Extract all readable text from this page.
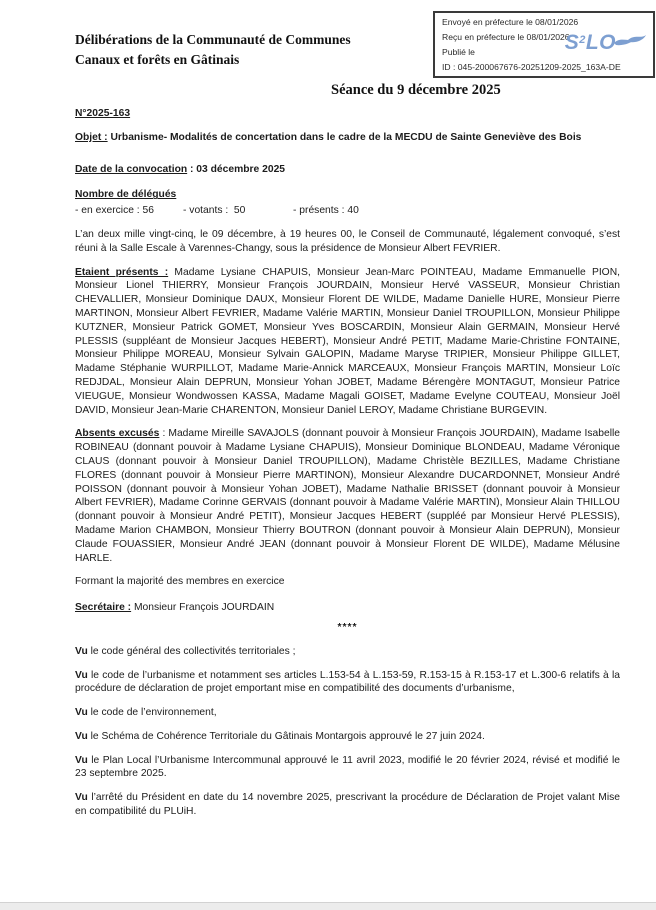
Envoyé en préfecture le 08/01/2026
Reçu en préfecture le 08/01/2026
Publié le
ID : 045-200067676-20251209-2025_163A-DE
$S^2LO$
Délibérations de la Communauté de Communes
Canaux et forêts en Gâtinais
Séance du 9 décembre 2025
N°2025-163

Objet : Urbanisme- Modalités de concertation dans le cadre de la MECDU de Sainte Geneviève des Bois

Date de la convocation : 03 décembre 2025

Nombre de délégués

- en exercice : 56	- votants :  50	- présents : 40

L’an deux mille vingt-cinq, le 09 décembre, à 19 heures 00, le Conseil de Communauté, légalement convoqué, s’est réuni à la Salle Escale à Varennes-Changy, sous la présidence de Monsieur Albert FEVRIER.

Etaient présents : Madame Lysiane CHAPUIS, Monsieur Jean-Marc POINTEAU, Madame Emmanuelle PION, Monsieur Lionel THIERRY, Monsieur François JOURDAIN, Monsieur Hervé VASSEUR, Monsieur Christian CHEVALLIER, Monsieur Dominique DAUX, Monsieur Florent DE WILDE, Madame Danielle HURE, Monsieur Pierre MARTINON, Monsieur Albert FEVRIER, Madame Valérie MARTIN, Monsieur Daniel TROUPILLON, Monsieur Philippe KUTZNER, Monsieur Patrick GOMET, Monsieur Yves BOSCARDIN, Monsieur Alain GERMAIN, Monsieur Hervé PLESSIS (suppléant de Monsieur Jacques HEBERT), Monsieur André PETIT, Madame Marie-Christine FONTAINE, Monsieur Philippe MOREAU, Monsieur Sylvain GALOPIN, Madame Maryse TRIPIER, Monsieur Philippe GILLET, Madame Stéphanie WURPILLOT, Madame Marie-Annick MARCEAUX, Monsieur François MARTIN, Monsieur Loïc REDJDAL, Monsieur Alain DEPRUN, Monsieur Yohan JOBET, Madame Bérengère MONTAGUT, Monsieur Patrice VIEUGUE, Monsieur Wondwossen KASSA, Madame Magali GOISET, Madame Evelyne COUTEAU, Monsieur Joël DAVID, Monsieur Jean-Marie CHARENTON, Monsieur Daniel LEROY, Madame Christiane BURGEVIN.

Absents excusés : Madame Mireille SAVAJOLS (donnant pouvoir à Monsieur François JOURDAIN), Madame Isabelle ROBINEAU (donnant pouvoir à Madame Lysiane CHAPUIS), Monsieur Dominique BLONDEAU, Madame Véronique CLAUS (donnant pouvoir à Monsieur Daniel TROUPILLON), Madame Christèle BEZILLES, Madame Christiane FLORES (donnant pouvoir à Monsieur Pierre MARTINON), Monsieur Alexandre DUCARDONNET, Monsieur André POISSON (donnant pouvoir à Monsieur Yohan JOBET), Madame Nathalie BRISSET (donnant pouvoir à Monsieur Albert FEVRIER), Madame Corinne GERVAIS (donnant pouvoir à Madame Valérie MARTIN), Monsieur Alain THILLOU (donnant pouvoir à Monsieur André PETIT), Monsieur Jacques HEBERT (suppléé par Monsieur Hervé PLESSIS), Madame Marion CHAMBON, Monsieur Thierry BOUTRON (donnant pouvoir à Monsieur Alain DEPRUN), Monsieur Claude FOUASSIER, Monsieur André JEAN (donnant pouvoir à Monsieur Florent DE WILDE), Madame Mélusine HARLE.

Formant la majorité des membres en exercice

Secrétaire : Monsieur François JOURDAIN

****

Vu le code général des collectivités territoriales ;

Vu le code de l’urbanisme et notamment ses articles L.153-54 à L.153-59, R.153-15 à R.153-17 et L.300-6 relatifs à la procédure de déclaration de projet emportant mise en compatibilité des documents d’urbanisme,

Vu le code de l’environnement,

Vu le Schéma de Cohérence Territoriale du Gâtinais Montargois approuvé le 27 juin 2024.

Vu le Plan Local l’Urbanisme Intercommunal approuvé le 11 avril 2023, modifié le 20 février 2024, révisé et modifié le 23 septembre 2025.

Vu l’arrêté du Président en date du 14 novembre 2025, prescrivant la procédure de Déclaration de Projet valant Mise en compatibilité du PLUiH.
